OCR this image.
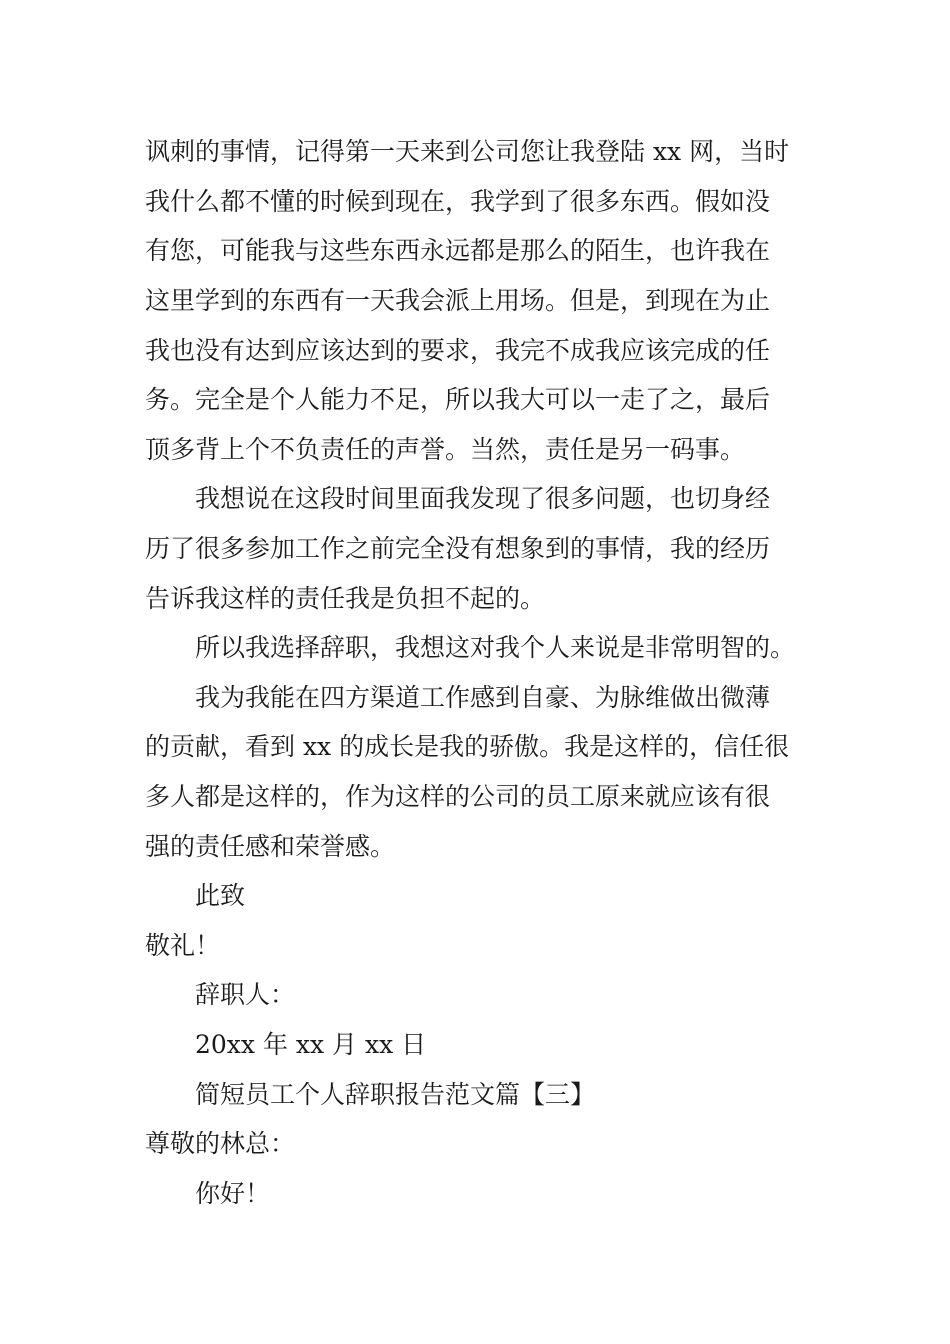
讽刺的事情，记得第一天来到公司您让我登陆 xx 网，当时
我什么都不懂的时候到现在，我学到了很多东西。假如没
有您，可能我与这些东西永远都是那么的陌生，也许我在
这里学到的东西有一天我会派上用场。但是，到现在为止
我也没有达到应该达到的要求，我完不成我应该完成的任
务。完全是个人能力不足，所以我大可以一走了之，最后
顶多背上个不负责任的声誉。当然，责任是另一码事。
我想说在这段时间里面我发现了很多问题，也切身经
历了很多参加工作之前完全没有想象到的事情，我的经历
告诉我这样的责任我是负担不起的。
所以我选择辞职，我想这对我个人来说是非常明智的。
我为我能在四方渠道工作感到自豪、为脉维做出微薄
的贡献，看到 xx 的成长是我的骄傲。我是这样的，信任很
多人都是这样的，作为这样的公司的员工原来就应该有很
强的责任感和荣誉感。
此致
敬礼！
辞职人：
20xx 年 xx 月 xx 日
简短员工个人辞职报告范文篇【三】
尊敬的林总：
你好！
